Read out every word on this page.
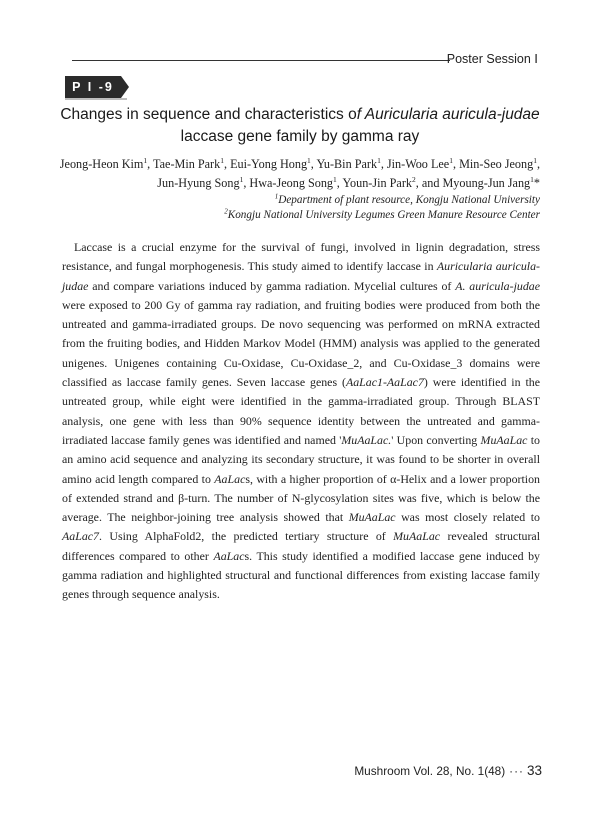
Poster Session Ⅰ
P I -9
Changes in sequence and characteristics of Auricularia auricula-judae
laccase gene family by gamma ray
Jeong-Heon Kim$^1$, Tae-Min Park$^1$, Eui-Yong Hong$^1$, Yu-Bin Park$^1$, Jin-Woo Lee$^1$, Min-Seo Jeong$^1$,
Jun-Hyung Song$^1$, Hwa-Jeong Song$^1$, Youn-Jin Park$^2$, and Myoung-Jun Jang$^1$*
$^1$Department of plant resource, Kongju National University
$^2$Kongju National University Legumes Green Manure Resource Center
Laccase is a crucial enzyme for the survival of fungi, involved in lignin degradation, stress resistance, and fungal morphogenesis. This study aimed to identify laccase in Auricularia auricula-judae and compare variations induced by gamma radiation. Mycelial cultures of A. auricula-judae were exposed to 200 Gy of gamma ray radiation, and fruiting bodies were produced from both the untreated and gamma-irradiated groups. De novo sequencing was performed on mRNA extracted from the fruiting bodies, and Hidden Markov Model (HMM) analysis was applied to the generated unigenes. Unigenes containing Cu-Oxidase, Cu-Oxidase_2, and Cu-Oxidase_3 domains were classified as laccase family genes. Seven laccase genes (AaLac1-AaLac7) were identified in the untreated group, while eight were identified in the gamma-irradiated group. Through BLAST analysis, one gene with less than 90% sequence identity between the untreated and gamma-irradiated laccase family genes was identified and named 'MuAaLac.' Upon converting MuAaLac to an amino acid sequence and analyzing its secondary structure, it was found to be shorter in overall amino acid length compared to AaLacs, with a higher proportion of α-Helix and a lower proportion of extended strand and β-turn. The number of N-glycosylation sites was five, which is below the average. The neighbor-joining tree analysis showed that MuAaLac was most closely related to AaLac7. Using AlphaFold2, the predicted tertiary structure of MuAaLac revealed structural differences compared to other AaLacs. This study identified a modified laccase gene induced by gamma radiation and highlighted structural and functional differences from existing laccase family genes through sequence analysis.
Mushroom Vol. 28, No. 1(48) ··· 33
